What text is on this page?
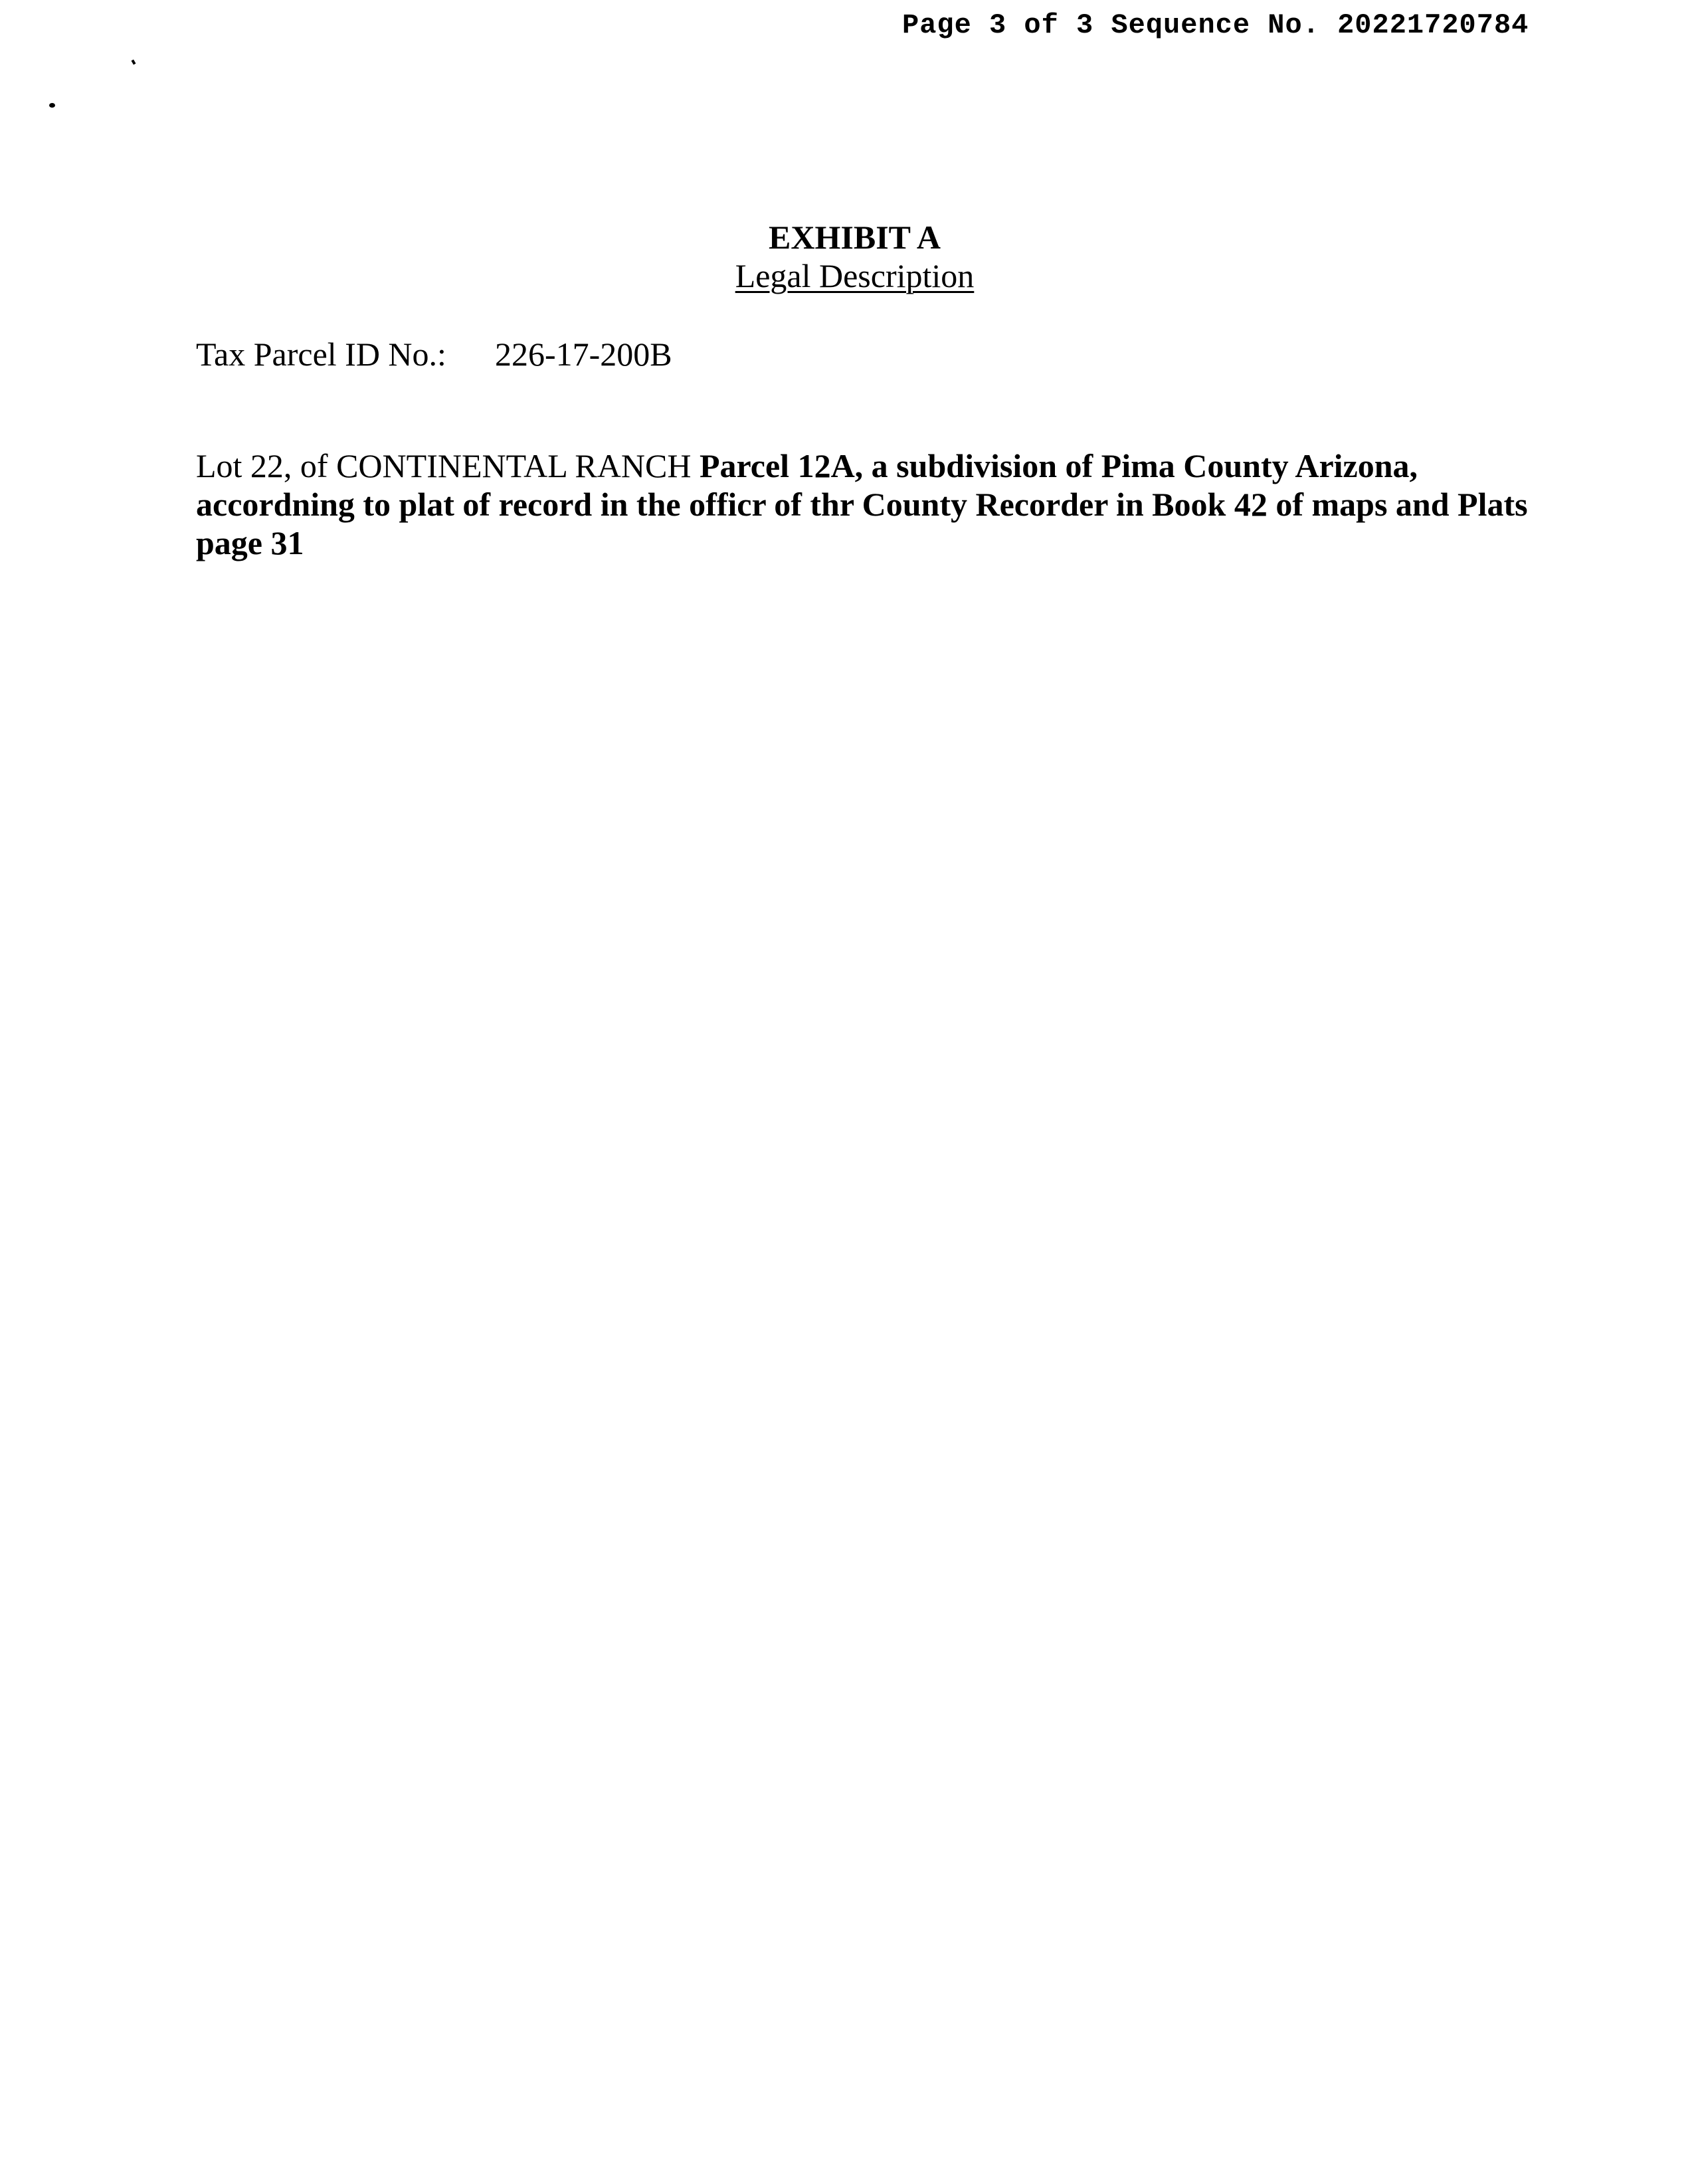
Page 3 of 3 Sequence No. 20221720784
EXHIBIT A
Legal Description
Tax Parcel ID No.: 226-17-200B
Lot 22, of CONTINENTAL RANCH Parcel 12A, a subdivision of Pima County Arizona,
accordning to plat of record in the officr of thr County Recorder in Book 42 of maps and Plats
page 31
